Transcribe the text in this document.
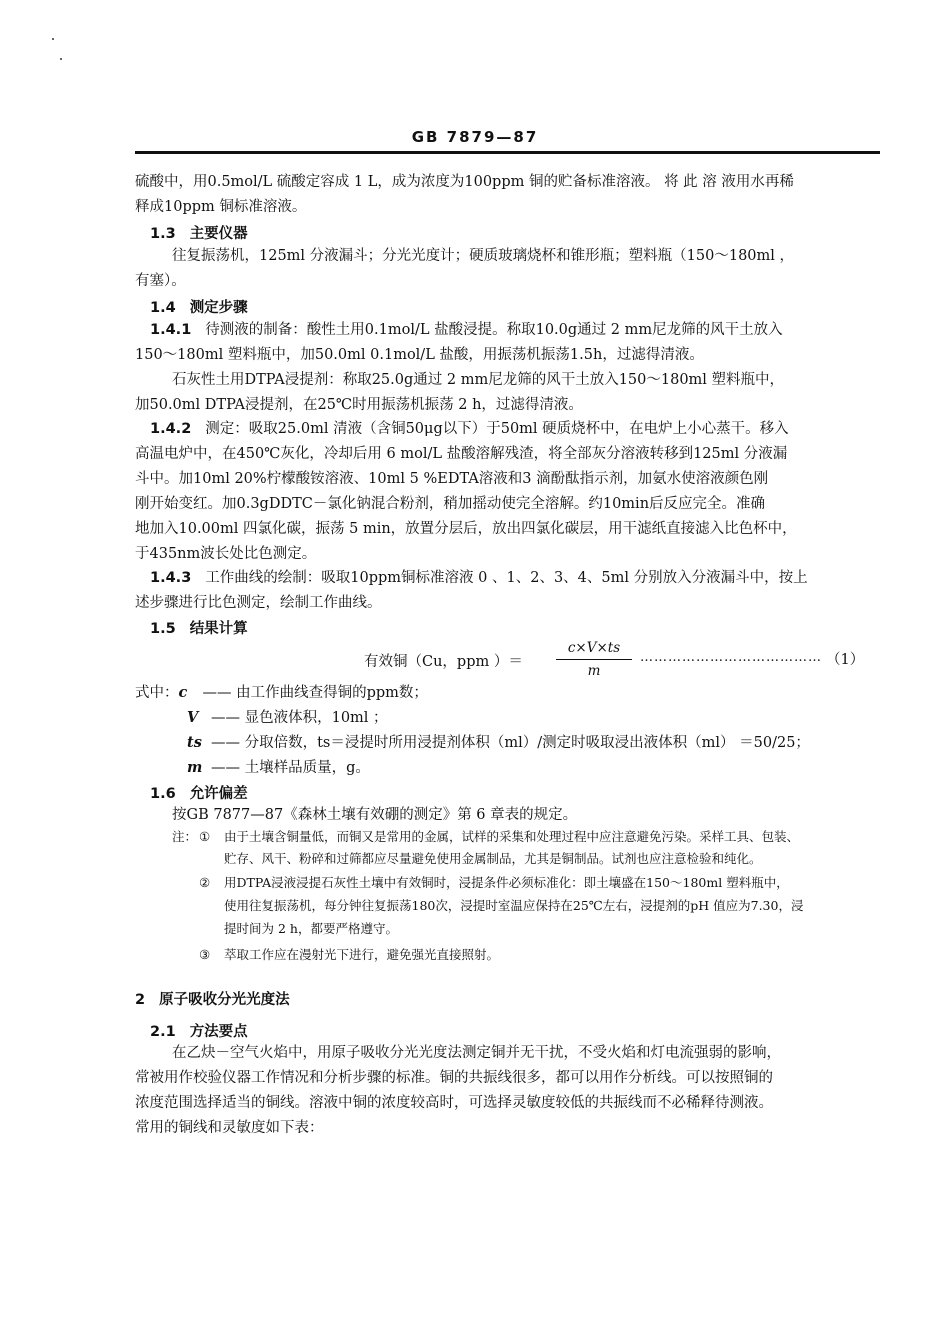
GB 7879—87
硫酸中，用0.5mol/L 硫酸定容成 1 L，成为浓度为100ppm 铜的贮备标准溶液。 将 此 溶 液用水再稀
释成10ppm 铜标准溶液。
1.3 主要仪器
往复振荡机，125ml 分液漏斗；分光光度计；硬质玻璃烧杯和锥形瓶；塑料瓶（150～180ml ，
有塞）。
1.4 测定步骤
1.4.1 待测液的制备：酸性土用0.1mol/L 盐酸浸提。称取10.0g通过 2 mm尼龙筛的风干土放入
150～180ml 塑料瓶中，加50.0ml 0.1mol/L 盐酸，用振荡机振荡1.5h，过滤得清液。
石灰性土用DTPA浸提剂：称取25.0g通过 2 mm尼龙筛的风干土放入150～180ml 塑料瓶中，
加50.0ml DTPA浸提剂，在25℃时用振荡机振荡 2 h，过滤得清液。
1.4.2 测定：吸取25.0ml 清液（含铜50μg以下）于50ml 硬质烧杯中，在电炉上小心蒸干。移入
高温电炉中，在450℃灰化，冷却后用 6 mol/L 盐酸溶解残渣，将全部灰分溶液转移到125ml 分液漏
斗中。加10ml 20%柠檬酸铵溶液、10ml 5 %EDTA溶液和3 滴酚酞指示剂，加氨水使溶液颜色刚
刚开始变红。加0.3gDDTC－氯化钠混合粉剂，稍加摇动使完全溶解。约10min后反应完全。准确
地加入10.00ml 四氯化碳，振荡 5 min，放置分层后，放出四氯化碳层，用干滤纸直接滤入比色杯中，
于435nm波长处比色测定。
1.4.3 工作曲线的绘制：吸取10ppm铜标准溶液 0 、1、2、3、4、5ml 分别放入分液漏斗中，按上
述步骤进行比色测定，绘制工作曲线。
1.5 结果计算
有效铜（Cu，ppm ）＝
c×V×ts
m
………………………………… （1）
式中：c —— 由工作曲线查得铜的ppm数；
V —— 显色液体积，10ml ；
ts —— 分取倍数，ts＝浸提时所用浸提剂体积（ml）/测定时吸取浸出液体积（ml） ＝50/25；
m —— 土壤样品质量，g。
1.6 允许偏差
按GB 7877—87《森林土壤有效硼的测定》第 6 章表的规定。
注： ① 由于土壤含铜量低，而铜又是常用的金属，试样的采集和处理过程中应注意避免污染。采样工具、包装、
贮存、风干、粉碎和过筛都应尽量避免使用金属制品，尤其是铜制品。试剂也应注意检验和纯化。
② 用DTPA浸液浸提石灰性土壤中有效铜时，浸提条件必须标准化：即土壤盛在150～180ml 塑料瓶中，
使用往复振荡机，每分钟往复振荡180次，浸提时室温应保持在25℃左右，浸提剂的pH 值应为7.30，浸
提时间为 2 h，都要严格遵守。
③ 萃取工作应在漫射光下进行，避免强光直接照射。
2 原子吸收分光光度法
2.1 方法要点
在乙炔－空气火焰中，用原子吸收分光光度法测定铜并无干扰，不受火焰和灯电流强弱的影响，
常被用作校验仪器工作情况和分析步骤的标准。铜的共振线很多，都可以用作分析线。可以按照铜的
浓度范围选择适当的铜线。溶液中铜的浓度较高时，可选择灵敏度较低的共振线而不必稀释待测液。
常用的铜线和灵敏度如下表：
